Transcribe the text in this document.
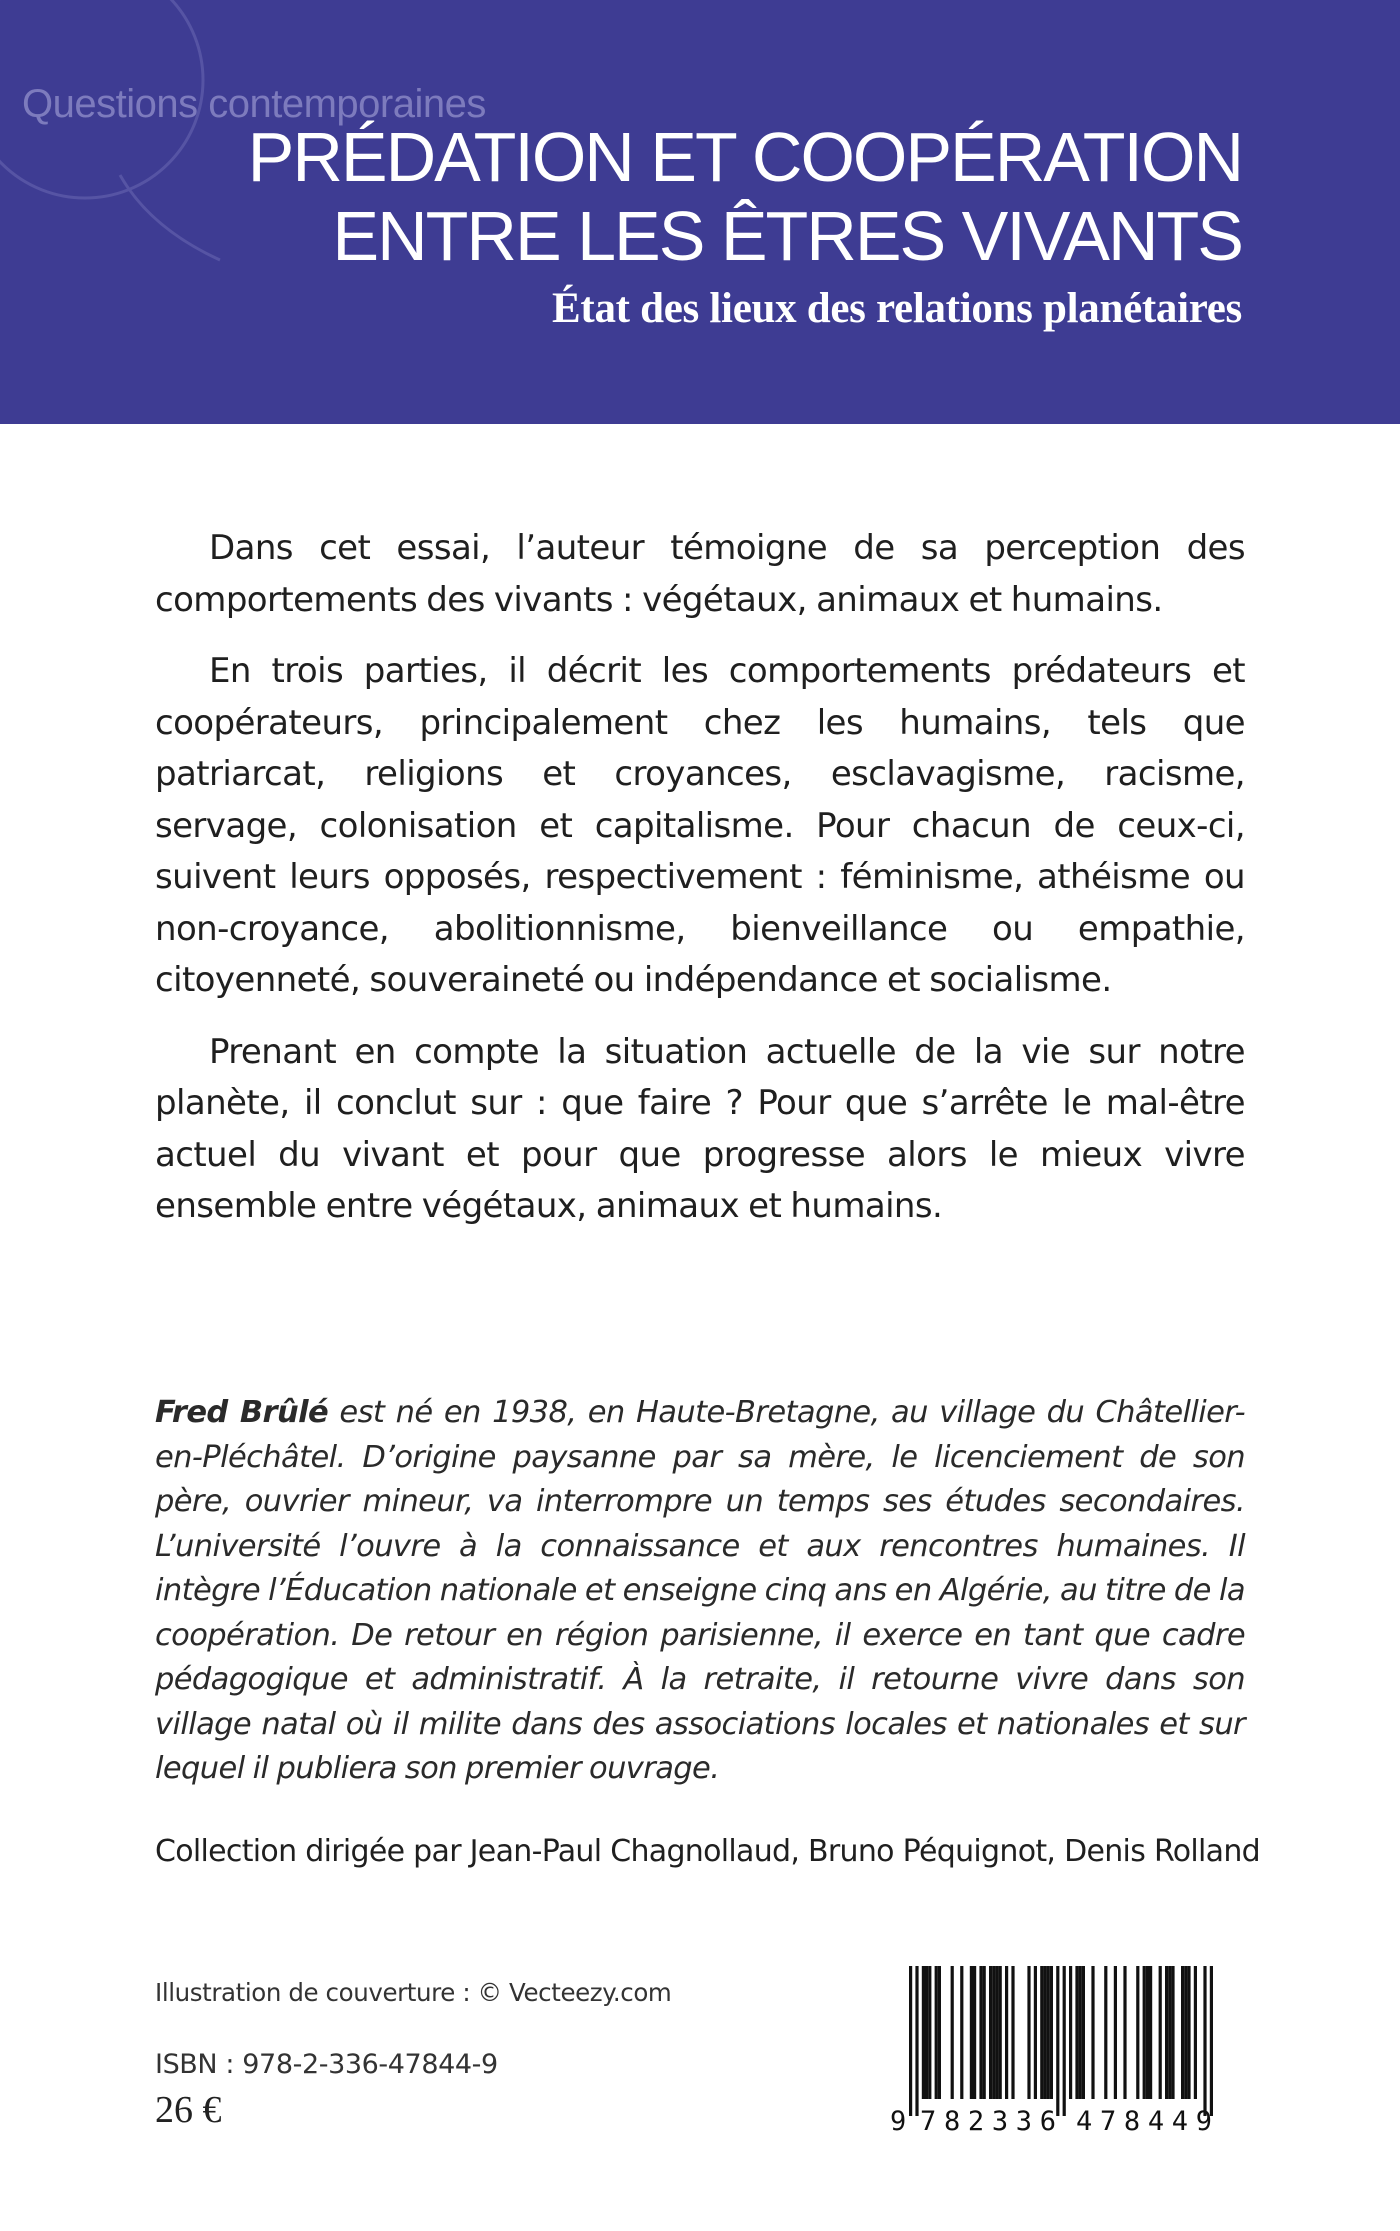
Questions contemporaines

PRÉDATION ET COOPÉRATION
ENTRE LES ÊTRES VIVANTS
État des lieux des relations planétaires

Dans cet essai, l’auteur témoigne de sa perception des comportements des vivants : végétaux, animaux et humains.

En trois parties, il décrit les comportements prédateurs et coopérateurs, principalement chez les humains, tels que patriarcat, religions et croyances, esclavagisme, racisme, servage, colonisation et capitalisme. Pour chacun de ceux-ci, suivent leurs opposés, respectivement : féminisme, athéisme ou non-croyance, abolitionnisme, bienveillance ou empathie, citoyenneté, souveraineté ou indépendance et socialisme.

Prenant en compte la situation actuelle de la vie sur notre planète, il conclut sur : que faire ? Pour que s’arrête le mal-être actuel du vivant et pour que progresse alors le mieux vivre ensemble entre végétaux, animaux et humains.

Fred Brûlé est né en 1938, en Haute-Bretagne, au village du Châtellier-en-Pléchâtel. D’origine paysanne par sa mère, le licenciement de son père, ouvrier mineur, va interrompre un temps ses études secondaires. L’université l’ouvre à la connaissance et aux rencontres humaines. Il intègre l’Éducation nationale et enseigne cinq ans en Algérie, au titre de la coopération. De retour en région parisienne, il exerce en tant que cadre pédagogique et administratif. À la retraite, il retourne vivre dans son village natal où il milite dans des associations locales et nationales et sur lequel il publiera son premier ouvrage.

Collection dirigée par Jean-Paul Chagnollaud, Bruno Péquignot, Denis Rolland

Illustration de couverture : © Vecteezy.com

ISBN : 978-2-336-47844-9

26 €	9 782336 478449
